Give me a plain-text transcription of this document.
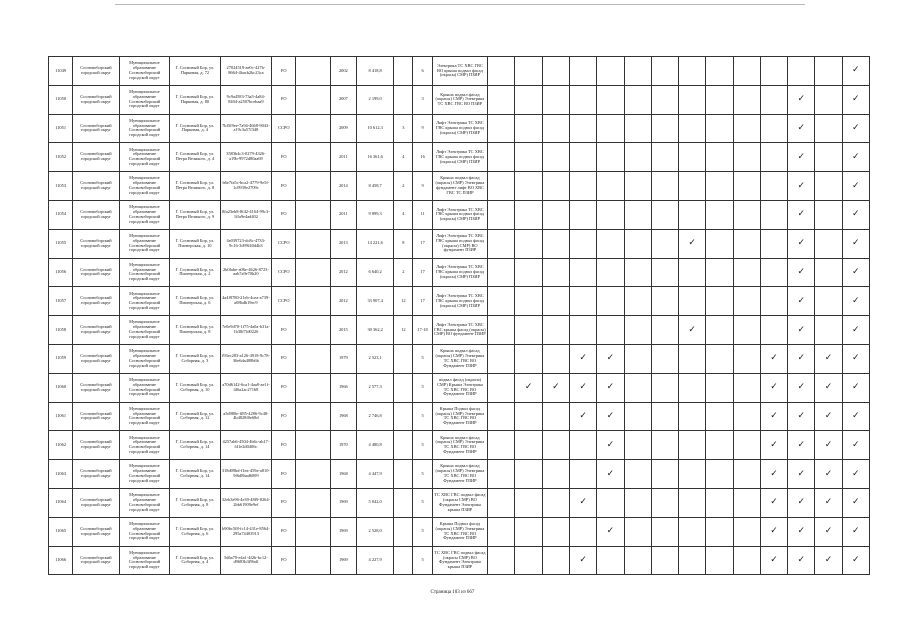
11049	Сосновоборский городской округ	Муниципальное образование Сосновоборский городской округ	Г. Сосновый Бор, ул. Парковая, д. 72	27024519-ae0c-427b-8664-4bacb2bc23ca	FO		2002	8 418,8		6	Электрика ТС ХВС ГВС ВО крыша подвал фасад (окрасы) СМР) ПЗИР														✓
11050	Сосновоборский городской округ	Муниципальное образование Сосновоборский городской округ	Г. Сосновый Бор, ул. Парковая, д. 80	9c9a4583-73a5-4a84-8404-a2507bcebaa9	FO		2007	2 199,0		3	Крыша подвал фасад (окрасы) СМР) Электрика ТС ХВС ГВС ВО ПЗИР												✓		✓
11051	Сосновоборский городской округ	Муниципальное образование Сосновоборский городской округ	Г. Сосновый Бор, ул. Парковая, д. 4	7bf5f9ee-7a94-4668-9043-a19c3a57f348	CCPO		2009	10 612,3	3	9	Лифт Электрика ТС ХВС ГВС крыша подвал фасад (окрасы) СМР) ПЗИР												✓		✓
11052	Сосновоборский городской округ	Муниципальное образование Сосновоборский городской округ	Г. Сосновый Бор, ул. Петра Великого, д. 4	3583b4c3-0279-4326-a19b-9972d80aa69	FO		2011	16 361,6	4	16	Лифт Электрика ТС ХВС ГВС крыша подвал фасад (окрасы) СМР) ПЗИР												✓		✓
11053	Сосновоборский городской округ	Муниципальное образование Сосновоборский городской округ	Г. Сосновый Бор, ул. Петра Великого, д. 8	b6e7fa5c-bca2-4779-9e5f-1c0939e2709c	FO		2014	8 458,7	2	9	Крыша подвал фасад (окрасы) СМР) Электрика фундамент лифт ВО ХВС ГВС ТС ПЗИР												✓		✓
11054	Сосновоборский городской округ	Муниципальное образование Сосновоборский городской округ	Г. Сосновый Бор, ул. Петра Великого, д. 9	8fa23eb8-8f42-4164-99c3-1ffa9e4ad402	FO		2011	9 899,3	4	11	Лифт Электрика ТС ХВС ГВС крыша подвал фасад (окрасы) СМР) ПЗИР												✓		✓
11055	Сосновоборский городской округ	Муниципальное образование Сосновоборский городской округ	Г. Сосновый Бор, ул. Пионерская, д. 10	4e039723-dc8c-4733-9c16-3d99f40d4b3	CCPO		2013	14 221,6	8	17	Лифт Электрика ТС ХВС ГВС крыша подвал фасад (окрасы) СМР) ВО фундамент ПЗИР								✓				✓		✓
11056	Сосновоборский городской округ	Муниципальное образование Сосновоборский городской округ	Г. Сосновый Бор, ул. Пионерская, д. 2	2b0fabe-a06e-4626-8723-aab7a9e70b20	CCPO		2012	6 640,2	2	17	Лифт Электрика ТС ХВС ГВС крыша подвал фасад (окрасы) СМР) ПЗИР												✓		✓
11057	Сосновоборский городской округ	Муниципальное образование Сосновоборский городской округ	Г. Сосновый Бор, ул. Пионерская, д. 6	4a4f9780-21eb-4cea-a739-a08bdb19ec9	CCPO		2012	33 907,4	12	17	Лифт Электрика ТС ХВС ГВС крыша подвал фасад (окрасы) СМР) ПЗИР												✓		✓
11058	Сосновоборский городской округ	Муниципальное образование Сосновоборский городской округ	Г. Сосновый Бор, ул. Пионерская, д. 8	7e0e9d70-1f75-4a0a-b31a-1b38f7fd0226	FO		2015	30 362,2	12	17-18	Лифт Электрика ТС ХВС ГВС крыша фасад (окрасы) СМР) ВО фундамент ПЗИР								✓				✓		✓
11059	Сосновоборский городской округ	Муниципальное образование Сосновоборский городской округ	Г. Сосновый Бор, ул. Соборная, д. 3	f93ec283-a126-4918-9c78-36e6da408b6b	FO		1979	2 523,1		5	Крыша подвал фасад (окрасы) СМР) Электрика ТС ХВС ГВС ВО Фундамент ПЗИР				✓	✓						✓	✓	✓	✓
11060	Сосновоборский городской округ	Муниципальное образование Сосновоборский городской округ	Г. Сосновый Бор, ул. Соборная, д. 10	a70d6142-6ca1-4aa0-ae1f-4f6a2ac27168	FO		1966	2 577,3		5	подвал фасад (окрасы) СМР) Крыша Электрика ТС ХВС ГВС ВО Фундамент ПЗИР		✓	✓	✓	✓						✓	✓	✓	✓
11061	Сосновоборский городской округ	Муниципальное образование Сосновоборский городской округ	Г. Сосновый Бор, ул. Соборная, д. 12	a5d980e-ff85-4286-9c48-4b4828f0e68d	FO		1968	2 746,8		5	Крыша Подвал фасад (окрасы) СМР) Электрика ТС ХВС ГВС ВО Фундамент ПЗИР				✓	✓						✓	✓	✓	✓
11062	Сосновоборский городской округ	Муниципальное образование Сосновоборский городской округ	Г. Сосновый Бор, ул. Соборная, д. 14	4257ab6-4504-4b6c-ab17-f41e2d0406c	FO		1970	4 480,8		5	Крыша подвал фасад (окрасы) СМР) Электрика ТС ХВС ГВС ВО Фундамент ПЗИР					✓						✓	✓	✓	✓
11063	Сосновоборский городской округ	Муниципальное образование Сосновоборский городской округ	Г. Сосновый Бор, ул. Соборная, д. 14	318d09bd-f1ea-459a-a810-9f6d8bad6009	FO		1968	4 447,9		5	Крыша подвал фасад (окрасы) СМР) Электрика ТС ХВС ГВС ВО Фундамент ПЗИР					✓						✓	✓	✓	✓
11064	Сосновоборский городской округ	Муниципальное образование Сосновоборский городской округ	Г. Сосновый Бор, ул. Соборная, д. 8	32eb3e96-4e39-48f9-8264-2bb61909e9ef	FO		1969	5 042,0		5	ТС ХВС ГВС подвал фасад (окрасы СМР) ВО Фундамент Электрика крыша ПЗИР				✓							✓	✓	✓	✓
11065	Сосновоборский городской округ	Муниципальное образование Сосновоборский городской округ	Г. Сосновый Бор, ул. Соборная, д. 6	b90bc5f8-fc14-431e-8564-295a74403913	FO		1969	2 528,0		5	Крыша Подвал фасад (окрасы) СМР) Электрика ТС ХВС ГВС ВО Фундамент ПЗИР					✓						✓	✓	✓	✓
11066	Сосновоборский городской округ	Муниципальное образование Сосновоборский городской округ	Г. Сосновый Бор, ул. Соборная, д. 4	5d6a70-e4a1-4f2b-bc12-d9683b3f9bdf	FO		1969	4 227,9		5	ТС ХВС ГВС подвал фасад (окрасы СМР) ВО Фундамент Электрика крыша ПЗИР				✓							✓	✓	✓	✓
Страница 103 из 667
